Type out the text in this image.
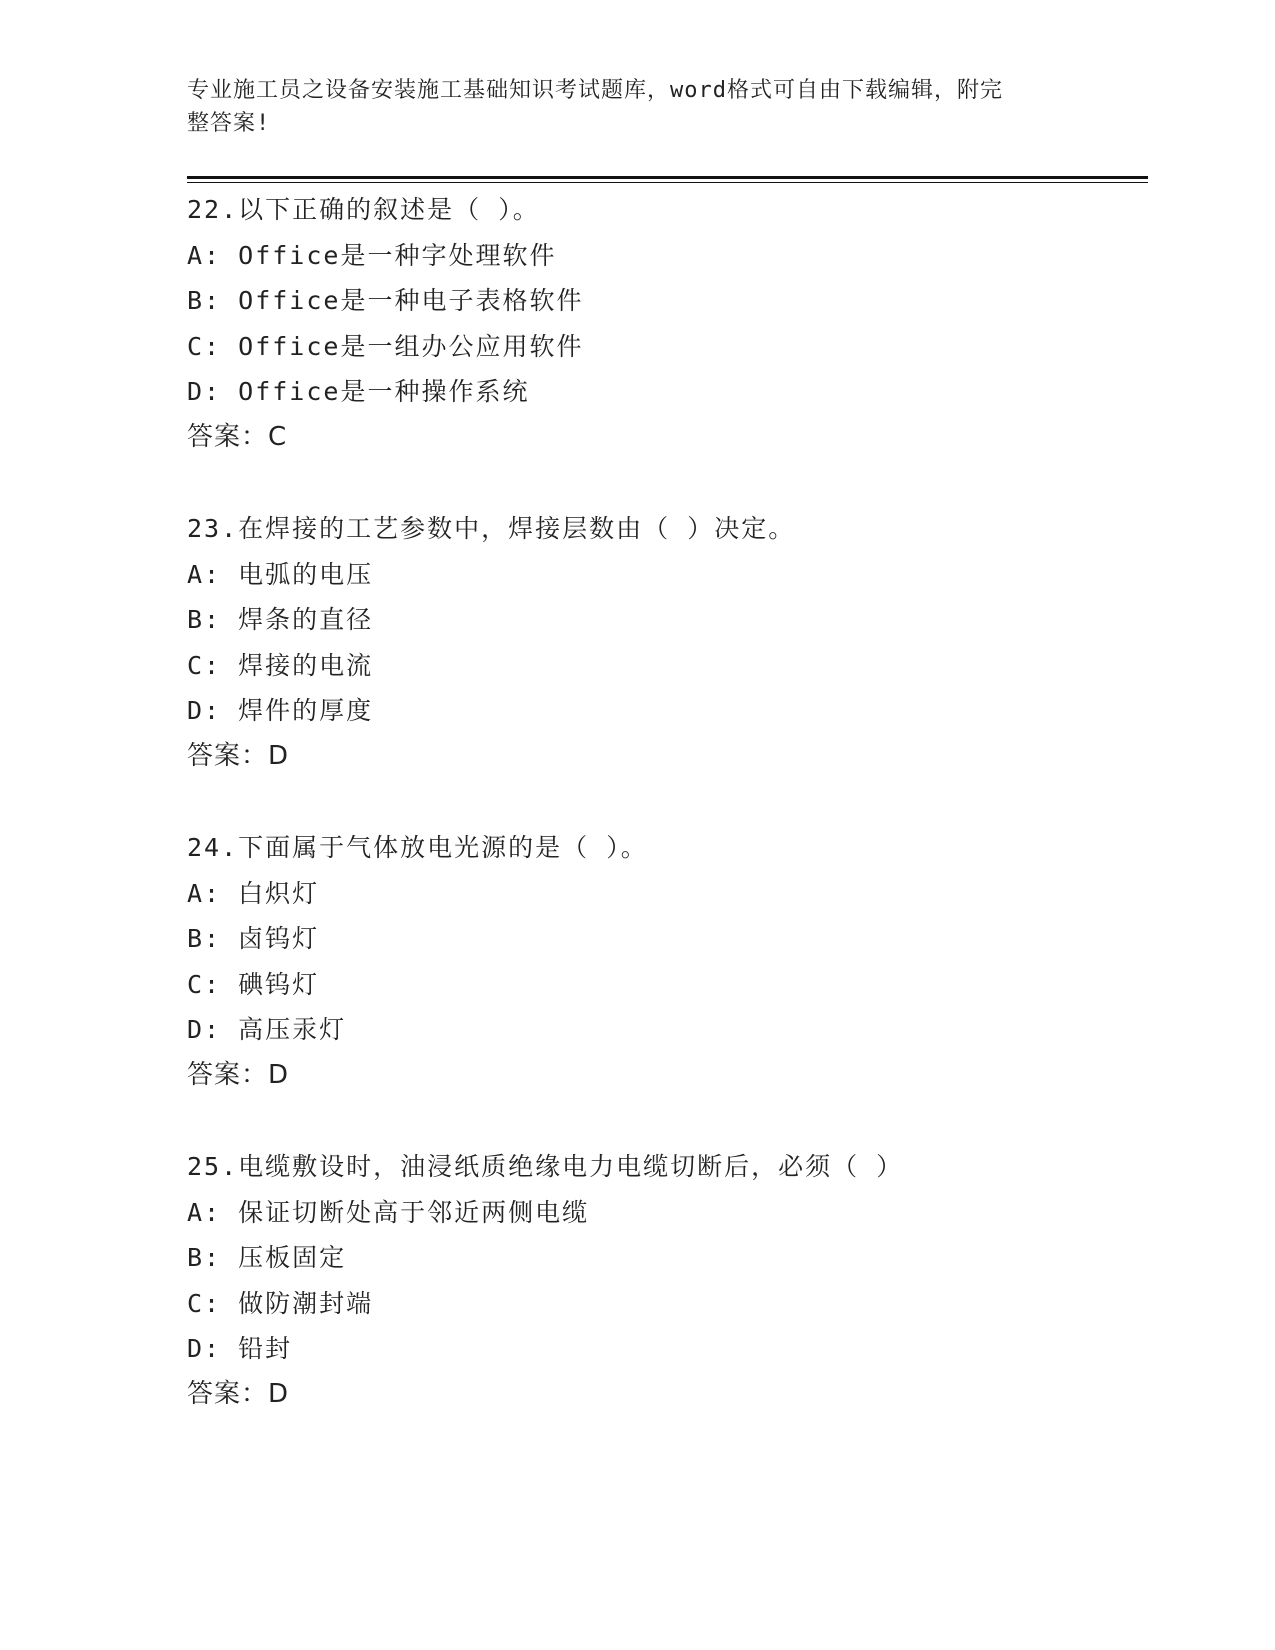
专业施工员之设备安装施工基础知识考试题库，word格式可自由下载编辑，附完
整答案!
22.以下正确的叙述是（ ）。
A: Office是一种字处理软件
B: Office是一种电子表格软件
C: Office是一组办公应用软件
D: Office是一种操作系统
答案：C
23.在焊接的工艺参数中，焊接层数由（ ）决定。
A: 电弧的电压
B: 焊条的直径
C: 焊接的电流
D: 焊件的厚度
答案：D
24.下面属于气体放电光源的是（ ）。
A: 白炽灯
B: 卤钨灯
C: 碘钨灯
D: 高压汞灯
答案：D
25.电缆敷设时，油浸纸质绝缘电力电缆切断后，必须（ ）
A: 保证切断处高于邻近两侧电缆
B: 压板固定
C: 做防潮封端
D: 铅封
答案：D
